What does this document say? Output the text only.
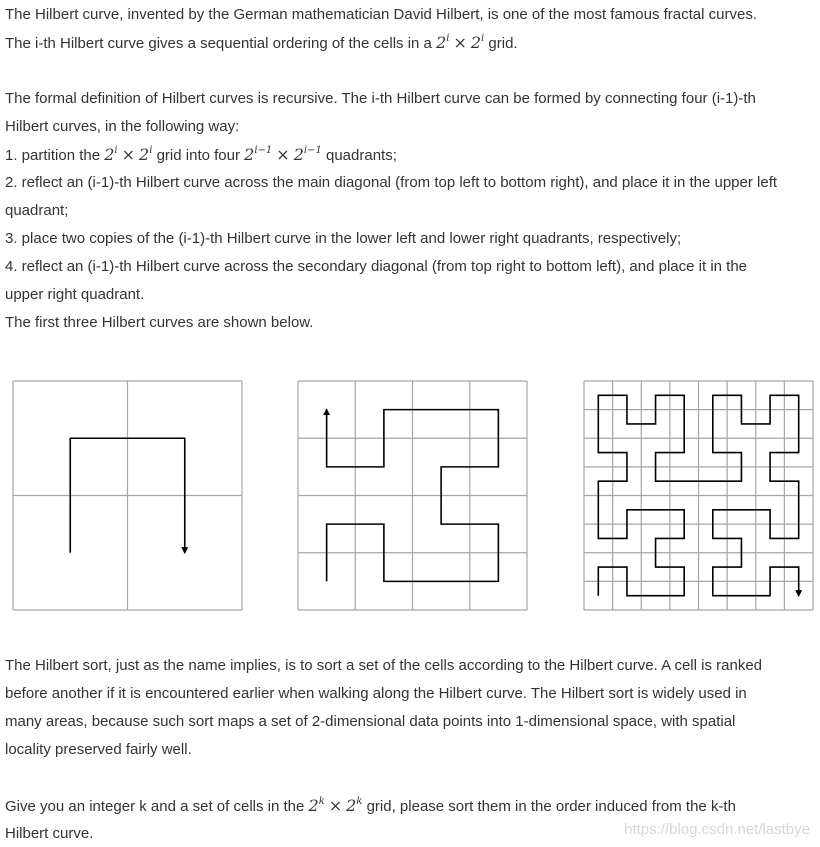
The Hilbert curve, invented by the German mathematician David Hilbert, is one of the most famous fractal curves.
The i-th Hilbert curve gives a sequential ordering of the cells in a $2^i \times 2^i$ grid.
The formal definition of Hilbert curves is recursive. The i-th Hilbert curve can be formed by connecting four (i-1)-th
Hilbert curves, in the following way:
1. partition the $2^i \times 2^i$ grid into four $2^{i-1} \times 2^{i-1}$ quadrants;
2. reflect an (i-1)-th Hilbert curve across the main diagonal (from top left to bottom right), and place it in the upper left
quadrant;
3. place two copies of the (i-1)-th Hilbert curve in the lower left and lower right quadrants, respectively;
4. reflect an (i-1)-th Hilbert curve across the secondary diagonal (from top right to bottom left), and place it in the
upper right quadrant.
The first three Hilbert curves are shown below.
The Hilbert sort, just as the name implies, is to sort a set of the cells according to the Hilbert curve. A cell is ranked
before another if it is encountered earlier when walking along the Hilbert curve. The Hilbert sort is widely used in
many areas, because such sort maps a set of 2-dimensional data points into 1-dimensional space, with spatial
locality preserved fairly well.
Give you an integer k and a set of cells in the $2^k \times 2^k$ grid, please sort them in the order induced from the k-th
Hilbert curve.	https://blog.csdn.net/lastbye
